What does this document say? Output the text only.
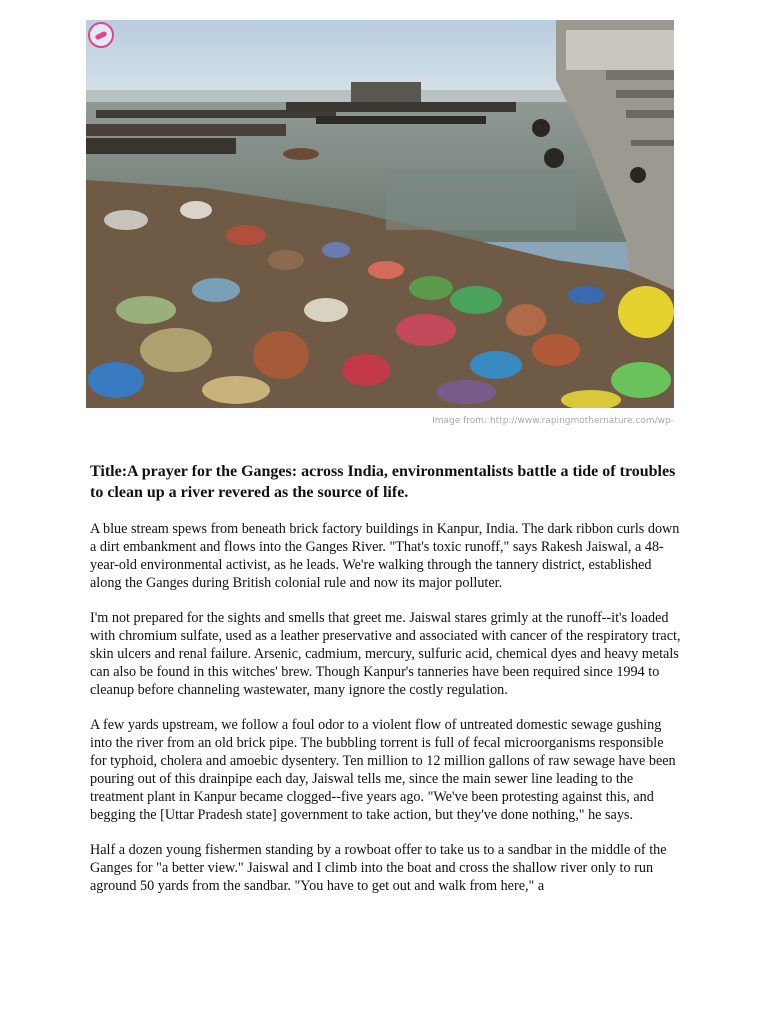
Image from: http://www.rapingmothernature.com/wp-
Title:A prayer for the Ganges: across India, environmentalists battle a tide of troubles to clean up a river revered as the source of life.

A blue stream spews from beneath brick factory buildings in Kanpur, India. The dark ribbon curls down a dirt embankment and flows into the Ganges River. "That's toxic runoff," says Rakesh Jaiswal, a 48-year-old environmental activist, as he leads. We're walking through the tannery district, established along the Ganges during British colonial rule and now its major polluter.

I'm not prepared for the sights and smells that greet me. Jaiswal stares grimly at the runoff--it's loaded with chromium sulfate, used as a leather preservative and associated with cancer of the respiratory tract, skin ulcers and renal failure. Arsenic, cadmium, mercury, sulfuric acid, chemical dyes and heavy metals can also be found in this witches' brew. Though Kanpur's tanneries have been required since 1994 to cleanup before channeling wastewater, many ignore the costly regulation.

A few yards upstream, we follow a foul odor to a violent flow of untreated domestic sewage gushing into the river from an old brick pipe. The bubbling torrent is full of fecal microorganisms responsible for typhoid, cholera and amoebic dysentery. Ten million to 12 million gallons of raw sewage have been pouring out of this drainpipe each day, Jaiswal tells me, since the main sewer line leading to the treatment plant in Kanpur became clogged--five years ago. "We've been protesting against this, and begging the [Uttar Pradesh state] government to take action, but they've done nothing," he says.

Half a dozen young fishermen standing by a rowboat offer to take us to a sandbar in the middle of the Ganges for "a better view." Jaiswal and I climb into the boat and cross the shallow river only to run aground 50 yards from the sandbar. "You have to get out and walk from here," a
